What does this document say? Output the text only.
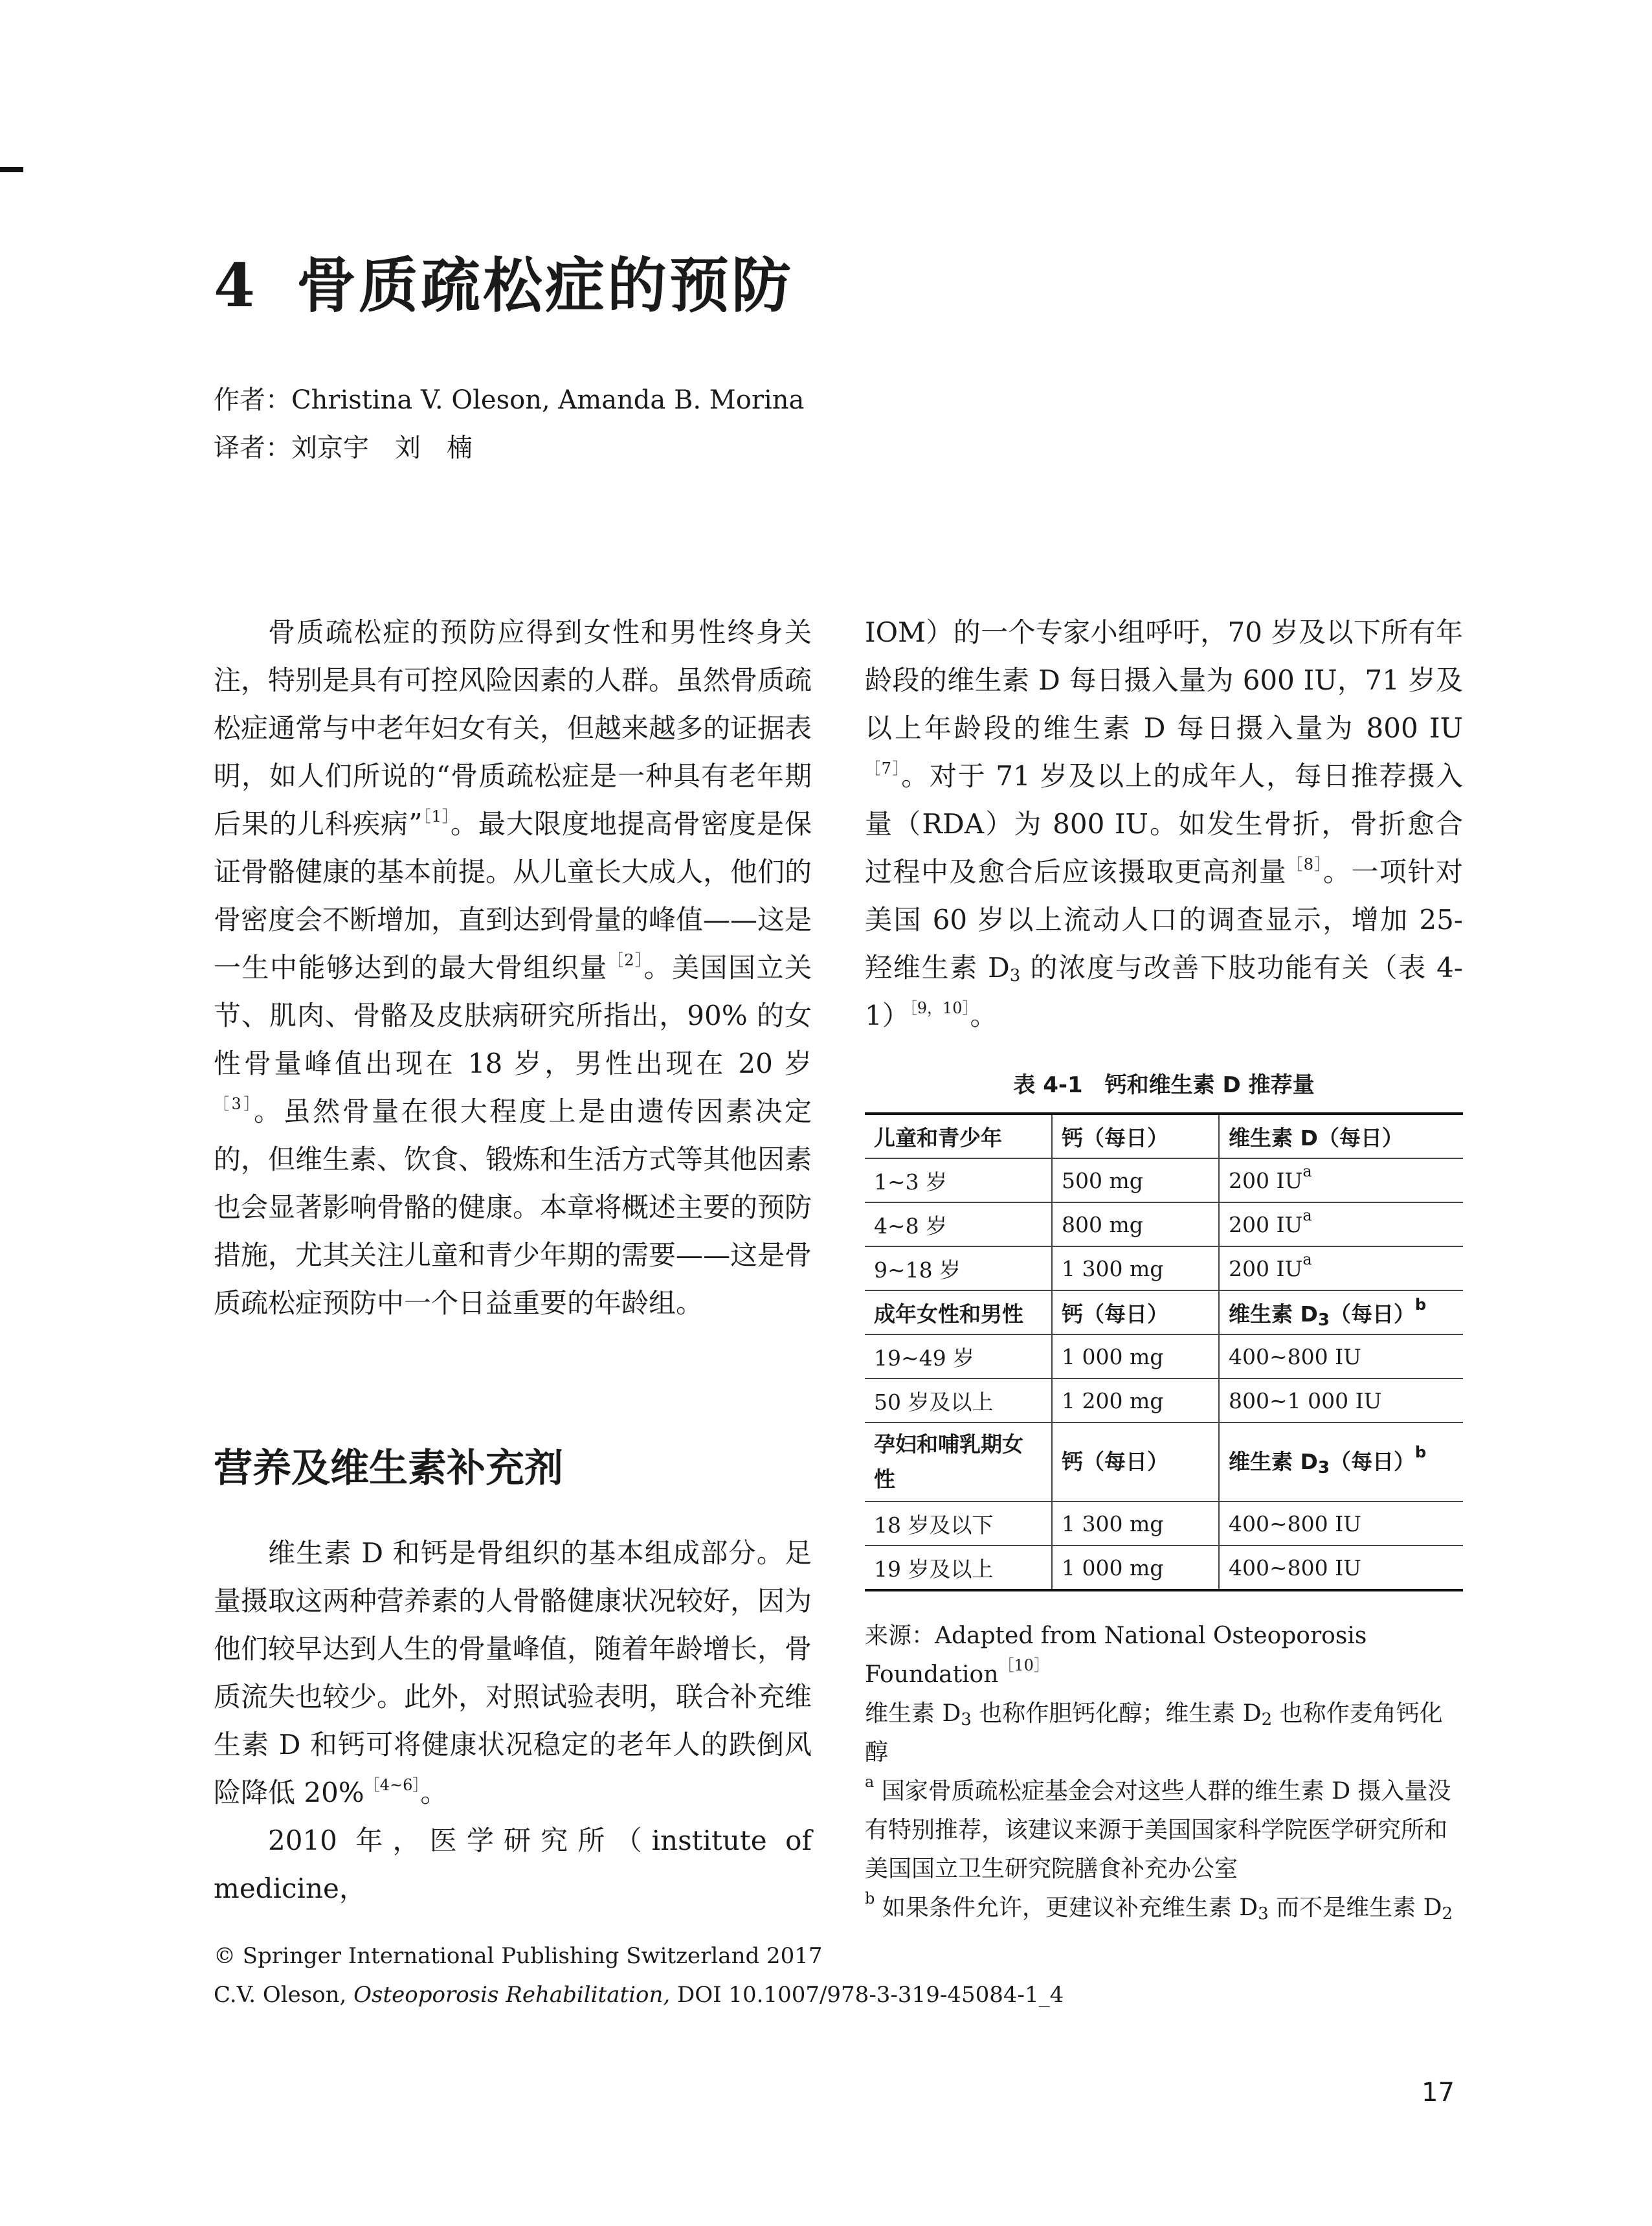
4 骨质疏松症的预防
作者：Christina V. Oleson, Amanda B. Morina
译者：刘京宇　刘　楠

骨质疏松症的预防应得到女性和男性终身关注，特别是具有可控风险因素的人群。虽然骨质疏松症通常与中老年妇女有关，但越来越多的证据表明，如人们所说的“骨质疏松症是一种具有老年期后果的儿科疾病”$^{[1]}$。最大限度地提高骨密度是保证骨骼健康的基本前提。从儿童长大成人，他们的骨密度会不断增加，直到达到骨量的峰值——这是一生中能够达到的最大骨组织量$^{[2]}$。美国国立关节、肌肉、骨骼及皮肤病研究所指出，90% 的女性骨量峰值出现在 18 岁，男性出现在 20 岁$^{[3]}$。虽然骨量在很大程度上是由遗传因素决定的，但维生素、饮食、锻炼和生活方式等其他因素也会显著影响骨骼的健康。本章将概述主要的预防措施，尤其关注儿童和青少年期的需要——这是骨质疏松症预防中一个日益重要的年龄组。

营养及维生素补充剂

维生素 D 和钙是骨组织的基本组成部分。足量摄取这两种营养素的人骨骼健康状况较好，因为他们较早达到人生的骨量峰值，随着年龄增长，骨质流失也较少。此外，对照试验表明，联合补充维生素 D 和钙可将健康状况稳定的老年人的跌倒风险降低 20%$^{[4\sim 6]}$。

2010 年，医学研究所（institute of medicine，

IOM）的一个专家小组呼吁，70 岁及以下所有年龄段的维生素 D 每日摄入量为 600 IU，71 岁及以上年龄段的维生素 D 每日摄入量为 800 $IU^{[7]}$。对于 71 岁及以上的成年人，每日推荐摄入量（RDA）为 800 IU。如发生骨折，骨折愈合过程中及愈合后应该摄取更高剂量$^{[8]}$。一项针对美国 60 岁以上流动人口的调查显示，增加 25- 羟维生素 $D_3$ 的浓度与改善下肢功能有关（表 4-1）$^{[9,10]}$。

表 4-1　钙和维生素 D 推荐量
儿童和青少年	钙（每日）	维生素 D（每日）
1~3 岁	500 mg	200 $IU^a$
4~8 岁	800 mg	200 $IU^a$
9~18 岁	1 300 mg	200 $IU^a$
成年女性和男性	钙（每日）	维生素 $D_3$（每日）$^b$
19~49 岁	1 000 mg	400~800 IU
50 岁及以上	1 200 mg	800~1 000 IU
孕妇和哺乳期女性	钙（每日）	维生素 $D_3$（每日）$^b$
18 岁及以下	1 300 mg	400~800 IU
19 岁及以上	1 000 mg	400~800 IU

来源：Adapted from National Osteoporosis Foundation$^{[10]}$

维生素 $D_3$ 也称作胆钙化醇；维生素 $D_2$ 也称作麦角钙化醇

$^a$ 国家骨质疏松症基金会对这些人群的维生素 D 摄入量没有特别推荐，该建议来源于美国国家科学院医学研究所和美国国立卫生研究院膳食补充办公室

$^b$ 如果条件允许，更建议补充维生素 $D_3$ 而不是维生素 $D_2$

© Springer International Publishing Switzerland 2017
C.V. Oleson, Osteoporosis Rehabilitation, DOI 10.1007/978-3-319-45084-1_4
17
